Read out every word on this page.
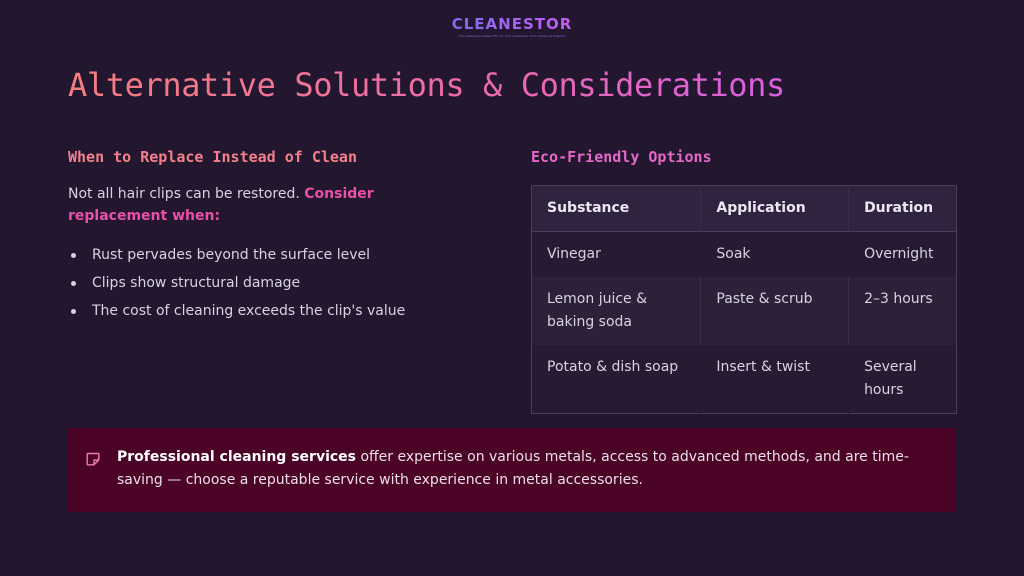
CLEANESTOR
The Cleaning Answer For All Your Questions From Cleaning Experts
Alternative Solutions & Considerations
When to Replace Instead of Clean	Eco-Friendly Options

Not all hair clips can be restored. Consider replacement when:

Rust pervades beyond the surface level
Clips show structural damage
The cost of cleaning exceeds the clip's value
Substance	Application	Duration
Vinegar	Soak	Overnight
Lemon juice & baking soda	Paste & scrub	2–3 hours
Potato & dish soap	Insert & twist	Several hours

Professional cleaning services offer expertise on various metals, access to advanced methods, and are time-saving — choose a reputable service with experience in metal accessories.
